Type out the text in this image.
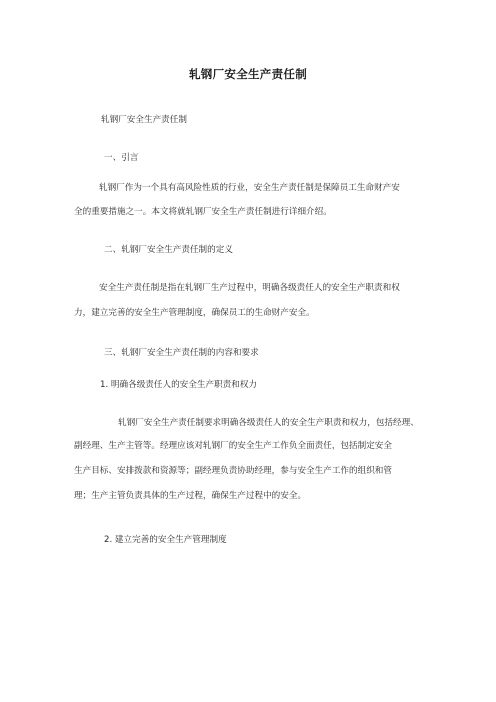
轧钢厂安全生产责任制
轧钢厂安全生产责任制
一、引言
轧钢厂作为一个具有高风险性质的行业，安全生产责任制是保障员工生命财产安
全的重要措施之一。本文将就轧钢厂安全生产责任制进行详细介绍。
二、轧钢厂安全生产责任制的定义
安全生产责任制是指在轧钢厂生产过程中，明确各级责任人的安全生产职责和权
力，建立完善的安全生产管理制度，确保员工的生命财产安全。
三、轧钢厂安全生产责任制的内容和要求
1. 明确各级责任人的安全生产职责和权力
轧钢厂安全生产责任制要求明确各级责任人的安全生产职责和权力，包括经理、
副经理、生产主管等。经理应该对轧钢厂的安全生产工作负全面责任，包括制定安全
生产目标、安排拨款和资源等；副经理负责协助经理，参与安全生产工作的组织和管
理；生产主管负责具体的生产过程，确保生产过程中的安全。
2. 建立完善的安全生产管理制度
